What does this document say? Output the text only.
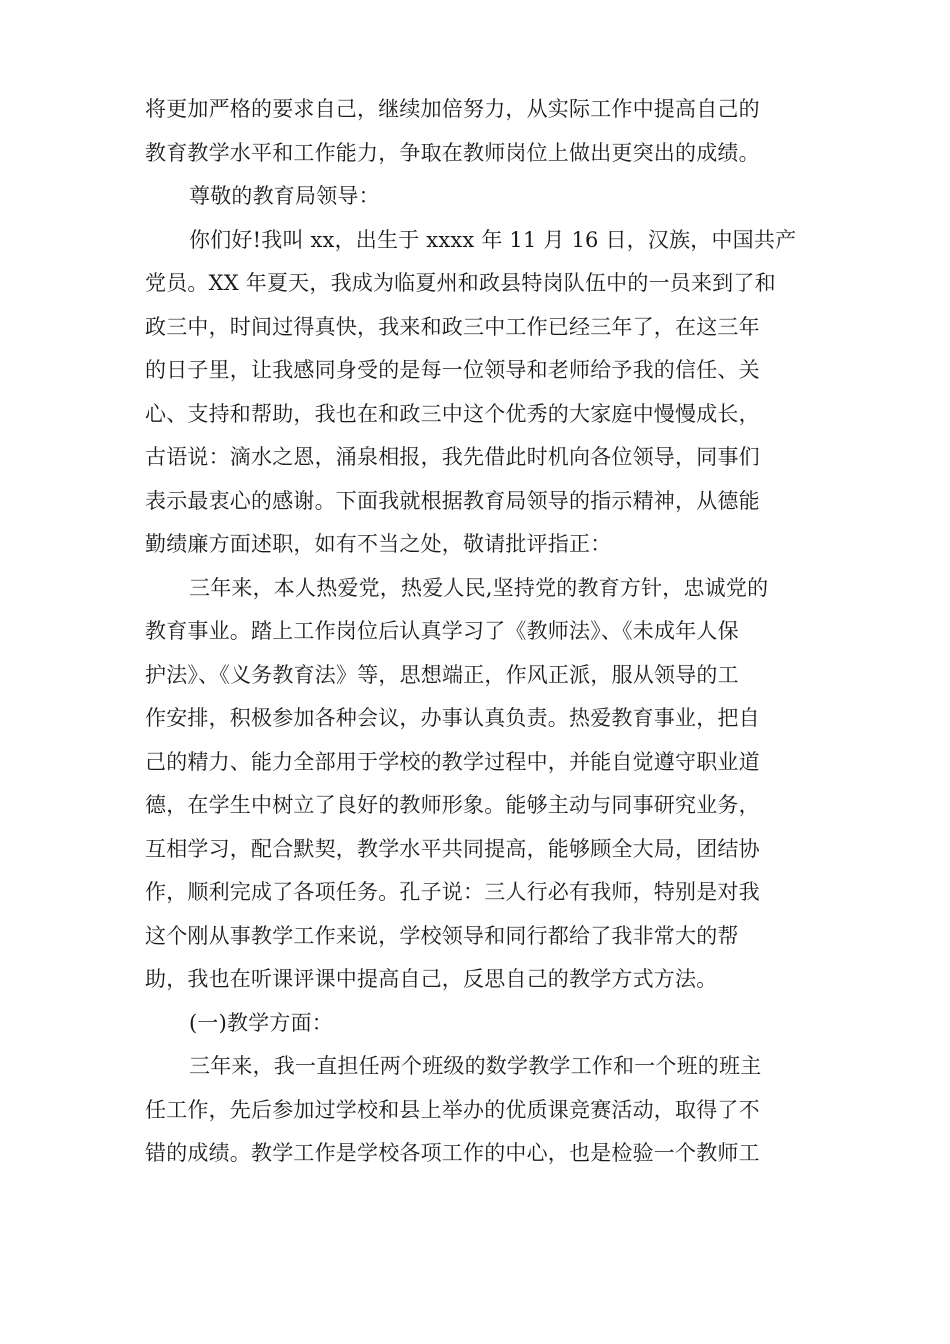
将更加严格的要求自己，继续加倍努力，从实际工作中提高自己的
教育教学水平和工作能力，争取在教师岗位上做出更突出的成绩。
尊敬的教育局领导：
你们好!我叫 xx，出生于 xxxx 年 11 月 16 日，汉族，中国共产
党员。XX 年夏天，我成为临夏州和政县特岗队伍中的一员来到了和
政三中，时间过得真快，我来和政三中工作已经三年了，在这三年
的日子里，让我感同身受的是每一位领导和老师给予我的信任、关
心、支持和帮助，我也在和政三中这个优秀的大家庭中慢慢成长，
古语说：滴水之恩，涌泉相报，我先借此时机向各位领导，同事们
表示最衷心的感谢。下面我就根据教育局领导的指示精神，从德能
勤绩廉方面述职，如有不当之处，敬请批评指正：
三年来，本人热爱党，热爱人民,坚持党的教育方针，忠诚党的
教育事业。踏上工作岗位后认真学习了《教师法》、《未成年人保
护法》、《义务教育法》等，思想端正，作风正派，服从领导的工
作安排，积极参加各种会议，办事认真负责。热爱教育事业，把自
己的精力、能力全部用于学校的教学过程中，并能自觉遵守职业道
德，在学生中树立了良好的教师形象。能够主动与同事研究业务，
互相学习，配合默契，教学水平共同提高，能够顾全大局，团结协
作，顺利完成了各项任务。孔子说：三人行必有我师，特别是对我
这个刚从事教学工作来说，学校领导和同行都给了我非常大的帮
助，我也在听课评课中提高自己，反思自己的教学方式方法。
(一)教学方面：
三年来，我一直担任两个班级的数学教学工作和一个班的班主
任工作，先后参加过学校和县上举办的优质课竞赛活动，取得了不
错的成绩。教学工作是学校各项工作的中心，也是检验一个教师工
